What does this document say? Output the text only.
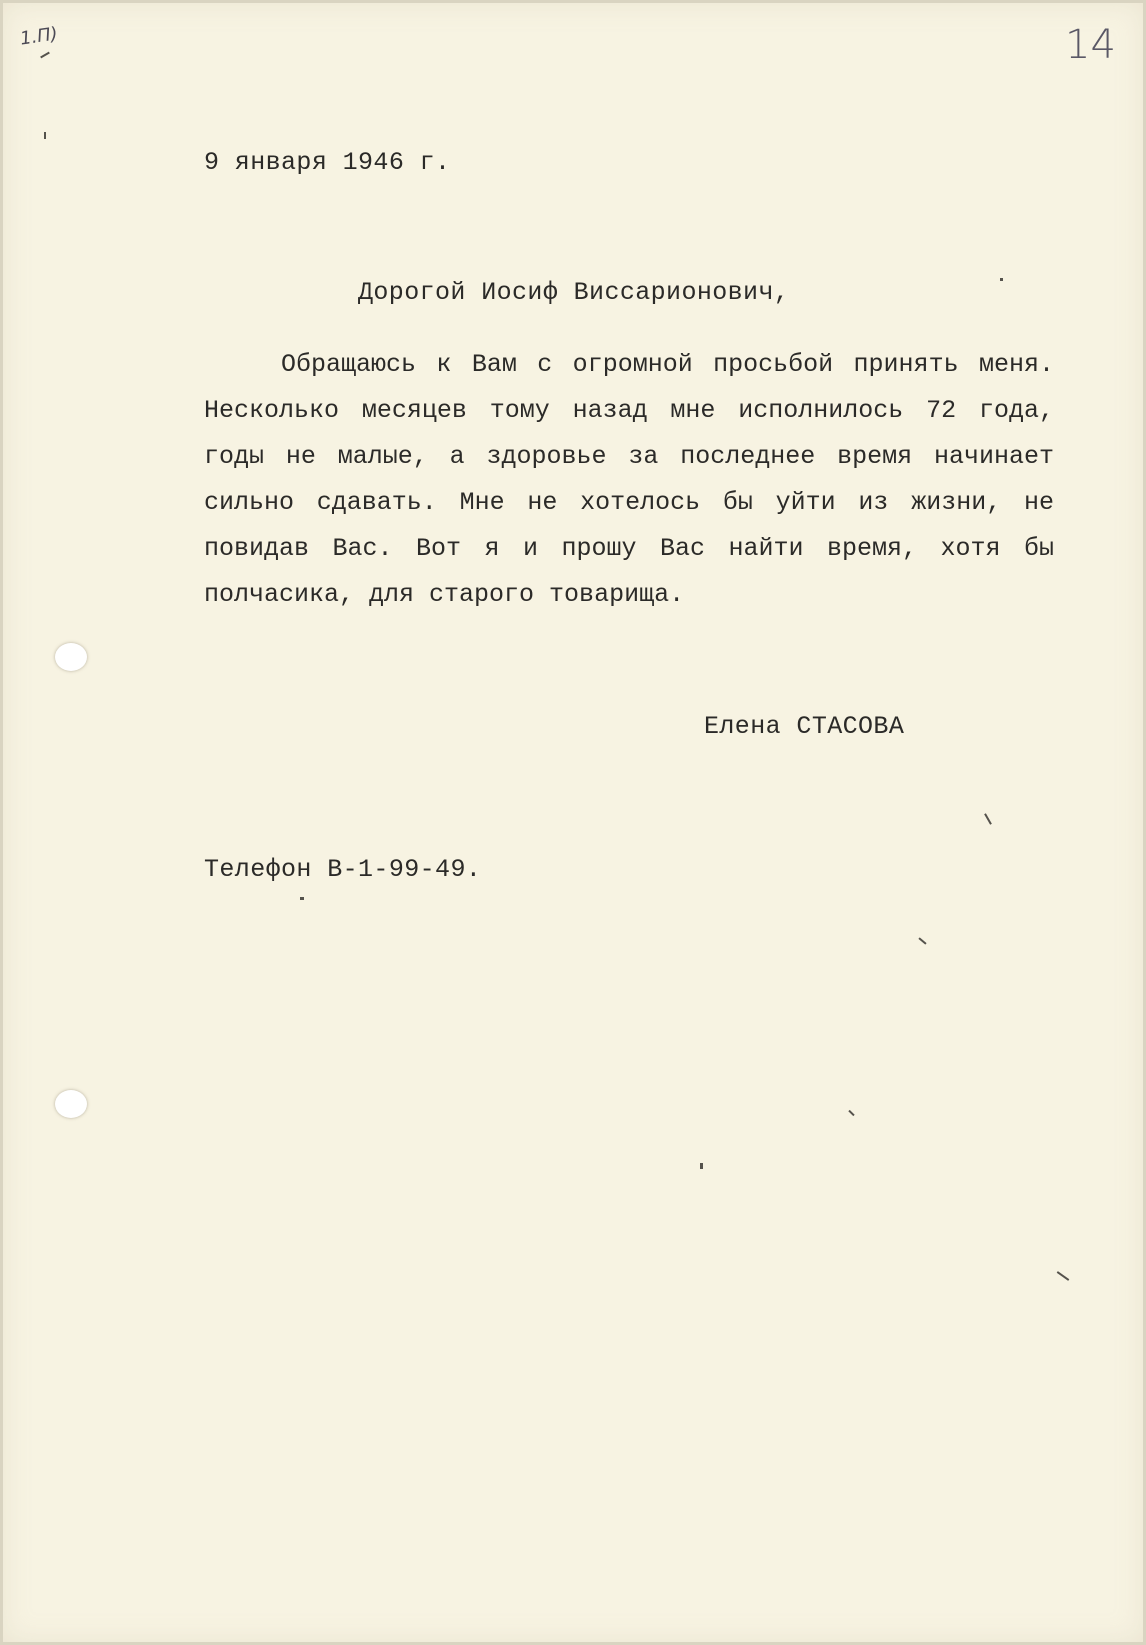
1.П)	14
9 января 1946 г.
Дорогой Иосиф Виссарионович,
Обращаюсь к Вам с огромной просьбой принять меня.
Несколько месяцев тому назад мне исполнилось 72 года,
годы не малые, а здоровье за последнее время начинает
сильно сдавать. Мне не хотелось бы уйти из жизни, не
повидав Вас. Вот я и прошу Вас найти время, хотя бы
полчасика, для старого товарища.
Елена СТАСОВА
Телефон В-1-99-49.
